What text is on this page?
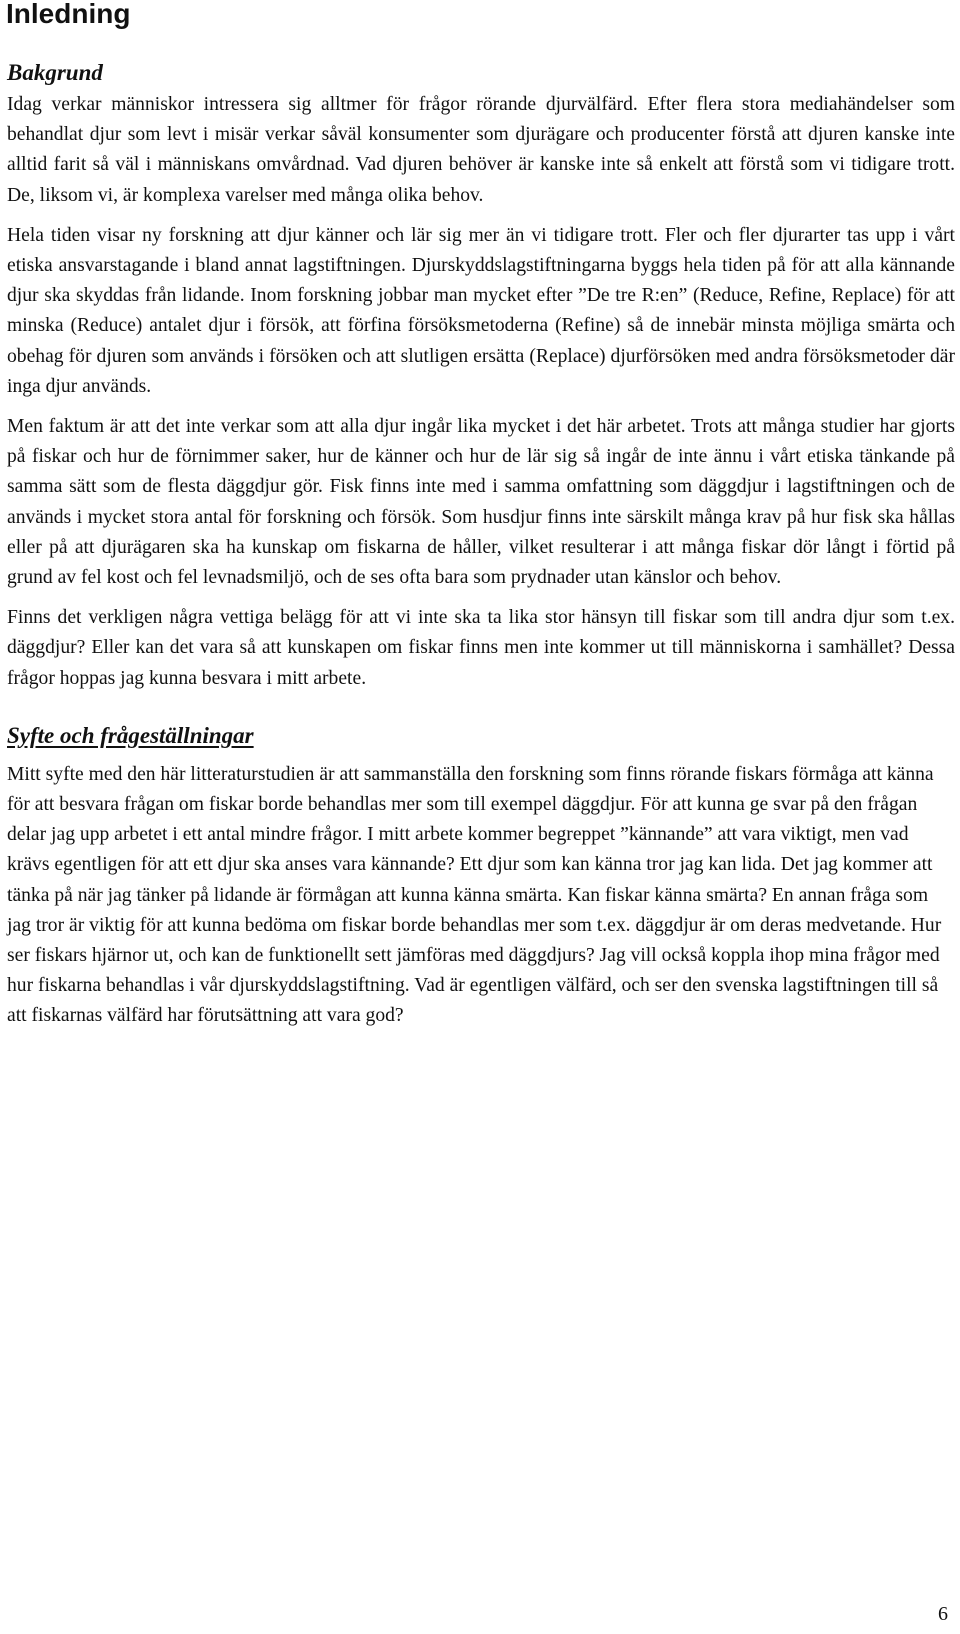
Inledning
Bakgrund

Idag verkar människor intressera sig alltmer för frågor rörande djurvälfärd. Efter flera stora mediahändelser som behandlat djur som levt i misär verkar såväl konsumenter som djurägare och producenter förstå att djuren kanske inte alltid farit så väl i människans omvårdnad. Vad djuren behöver är kanske inte så enkelt att förstå som vi tidigare trott. De, liksom vi, är komplexa varelser med många olika behov.

Hela tiden visar ny forskning att djur känner och lär sig mer än vi tidigare trott. Fler och fler djurarter tas upp i vårt etiska ansvarstagande i bland annat lagstiftningen. Djurskyddslagstiftningarna byggs hela tiden på för att alla kännande djur ska skyddas från lidande. Inom forskning jobbar man mycket efter ”De tre R:en” (Reduce, Refine, Replace) för att minska (Reduce) antalet djur i försök, att förfina försöksmetoderna (Refine) så de innebär minsta möjliga smärta och obehag för djuren som används i försöken och att slutligen ersätta (Replace) djurförsöken med andra försöksmetoder där inga djur används.

Men faktum är att det inte verkar som att alla djur ingår lika mycket i det här arbetet. Trots att många studier har gjorts på fiskar och hur de förnimmer saker, hur de känner och hur de lär sig så ingår de inte ännu i vårt etiska tänkande på samma sätt som de flesta däggdjur gör. Fisk finns inte med i samma omfattning som däggdjur i lagstiftningen och de används i mycket stora antal för forskning och försök. Som husdjur finns inte särskilt många krav på hur fisk ska hållas eller på att djurägaren ska ha kunskap om fiskarna de håller, vilket resulterar i att många fiskar dör långt i förtid på grund av fel kost och fel levnadsmiljö, och de ses ofta bara som prydnader utan känslor och behov.

Finns det verkligen några vettiga belägg för att vi inte ska ta lika stor hänsyn till fiskar som till andra djur som t.ex. däggdjur? Eller kan det vara så att kunskapen om fiskar finns men inte kommer ut till människorna i samhället? Dessa frågor hoppas jag kunna besvara i mitt arbete.

Syfte och frågeställningar

Mitt syfte med den här litteraturstudien är att sammanställa den forskning som finns rörande fiskars förmåga att känna för att besvara frågan om fiskar borde behandlas mer som till exempel däggdjur. För att kunna ge svar på den frågan delar jag upp arbetet i ett antal mindre frågor. I mitt arbete kommer begreppet ”kännande” att vara viktigt, men vad krävs egentligen för att ett djur ska anses vara kännande? Ett djur som kan känna tror jag kan lida. Det jag kommer att tänka på när jag tänker på lidande är förmågan att kunna känna smärta. Kan fiskar känna smärta? En annan fråga som jag tror är viktig för att kunna bedöma om fiskar borde behandlas mer som t.ex. däggdjur är om deras medvetande. Hur ser fiskars hjärnor ut, och kan de funktionellt sett jämföras med däggdjurs? Jag vill också koppla ihop mina frågor med hur fiskarna behandlas i vår djurskyddslagstiftning. Vad är egentligen välfärd, och ser den svenska lagstiftningen till så att fiskarnas välfärd har förutsättning att vara god?

6
